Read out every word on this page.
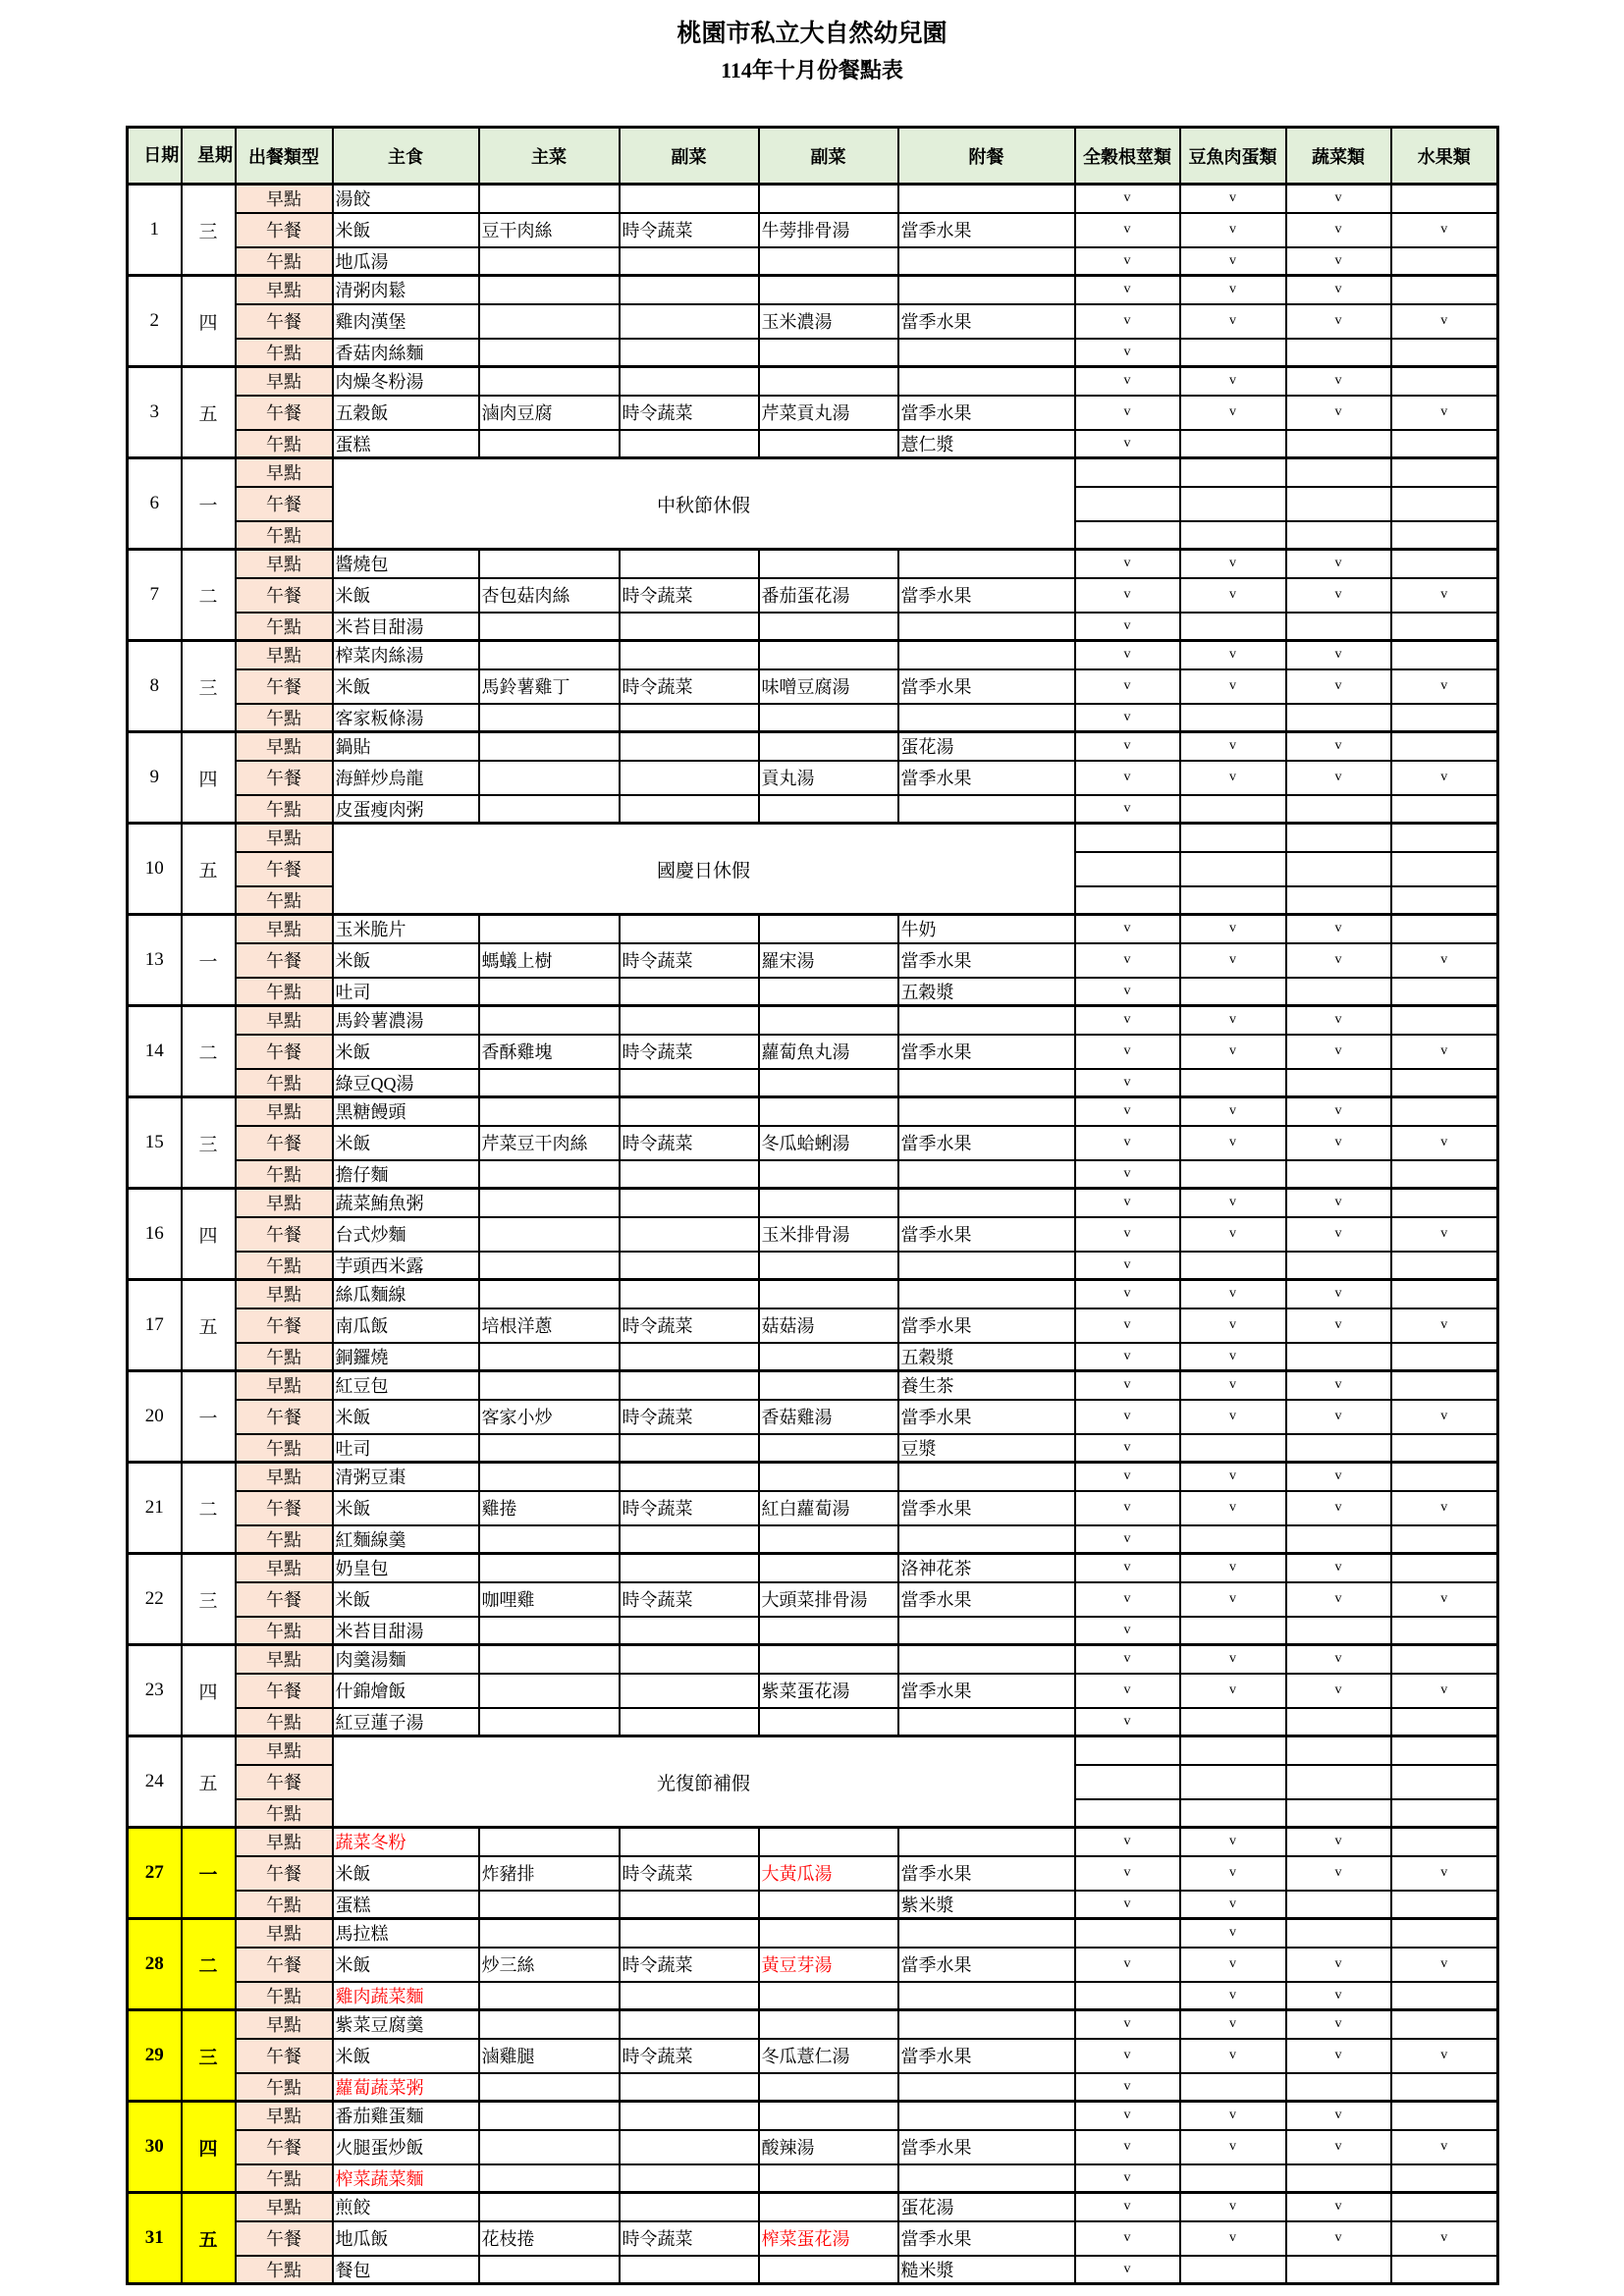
桃園市私立大自然幼兒園
114年十月份餐點表
日期	星期	出餐類型	主食	主菜	副菜	副菜	附餐	全穀根莖類	豆魚肉蛋類	蔬菜類	水果類
1	三	早點	湯餃					v	v	v	
		午餐	米飯	豆干肉絲	時令蔬菜	牛蒡排骨湯	當季水果	v	v	v	v
		午點	地瓜湯					v	v	v	
2	四	早點	清粥肉鬆					v	v	v	
		午餐	雞肉漢堡			玉米濃湯	當季水果	v	v	v	v
		午點	香菇肉絲麵					v			
3	五	早點	肉燥冬粉湯					v	v	v	
		午餐	五穀飯	滷肉豆腐	時令蔬菜	芹菜貢丸湯	當季水果	v	v	v	v
		午點	蛋糕				薏仁漿	v			
6	一	早點	中秋節休假								
		午餐									
		午點									
7	二	早點	醬燒包					v	v	v	
		午餐	米飯	杏包菇肉絲	時令蔬菜	番茄蛋花湯	當季水果	v	v	v	v
		午點	米苔目甜湯					v			
8	三	早點	榨菜肉絲湯					v	v	v	
		午餐	米飯	馬鈴薯雞丁	時令蔬菜	味噌豆腐湯	當季水果	v	v	v	v
		午點	客家粄條湯					v			
9	四	早點	鍋貼				蛋花湯	v	v	v	
		午餐	海鮮炒烏龍			貢丸湯	當季水果	v	v	v	v
		午點	皮蛋瘦肉粥					v			
10	五	早點	國慶日休假								
		午餐									
		午點									
13	一	早點	玉米脆片				牛奶	v	v	v	
		午餐	米飯	螞蟻上樹	時令蔬菜	羅宋湯	當季水果	v	v	v	v
		午點	吐司				五穀漿	v			
14	二	早點	馬鈴薯濃湯					v	v	v	
		午餐	米飯	香酥雞塊	時令蔬菜	蘿蔔魚丸湯	當季水果	v	v	v	v
		午點	綠豆QQ湯					v			
15	三	早點	黑糖饅頭					v	v	v	
		午餐	米飯	芹菜豆干肉絲	時令蔬菜	冬瓜蛤蜊湯	當季水果	v	v	v	v
		午點	擔仔麵					v			
16	四	早點	蔬菜鮪魚粥					v	v	v	
		午餐	台式炒麵			玉米排骨湯	當季水果	v	v	v	v
		午點	芋頭西米露					v			
17	五	早點	絲瓜麵線					v	v	v	
		午餐	南瓜飯	培根洋蔥	時令蔬菜	菇菇湯	當季水果	v	v	v	v
		午點	銅鑼燒				五穀漿	v	v		
20	一	早點	紅豆包				養生茶	v	v	v	
		午餐	米飯	客家小炒	時令蔬菜	香菇雞湯	當季水果	v	v	v	v
		午點	吐司				豆漿	v			
21	二	早點	清粥豆棗					v	v	v	
		午餐	米飯	雞捲	時令蔬菜	紅白蘿蔔湯	當季水果	v	v	v	v
		午點	紅麵線羹					v			
22	三	早點	奶皇包				洛神花茶	v	v	v	
		午餐	米飯	咖哩雞	時令蔬菜	大頭菜排骨湯	當季水果	v	v	v	v
		午點	米苔目甜湯					v			
23	四	早點	肉羹湯麵					v	v	v	
		午餐	什錦燴飯			紫菜蛋花湯	當季水果	v	v	v	v
		午點	紅豆蓮子湯					v			
24	五	早點	光復節補假								
		午餐									
		午點									
27	一	早點	蔬菜冬粉					v	v	v	
		午餐	米飯	炸豬排	時令蔬菜	大黃瓜湯	當季水果	v	v	v	v
		午點	蛋糕				紫米漿	v	v		
28	二	早點	馬拉糕						v		
		午餐	米飯	炒三絲	時令蔬菜	黃豆芽湯	當季水果	v	v	v	v
		午點	雞肉蔬菜麵						v	v	
29	三	早點	紫菜豆腐羹					v	v	v	
		午餐	米飯	滷雞腿	時令蔬菜	冬瓜薏仁湯	當季水果	v	v	v	v
		午點	蘿蔔蔬菜粥					v			
30	四	早點	番茄雞蛋麵					v	v	v	
		午餐	火腿蛋炒飯			酸辣湯	當季水果	v	v	v	v
		午點	榨菜蔬菜麵					v			
31	五	早點	煎餃				蛋花湯	v	v	v	
		午餐	地瓜飯	花枝捲	時令蔬菜	榨菜蛋花湯	當季水果	v	v	v	v
		午點	餐包				糙米漿	v			
